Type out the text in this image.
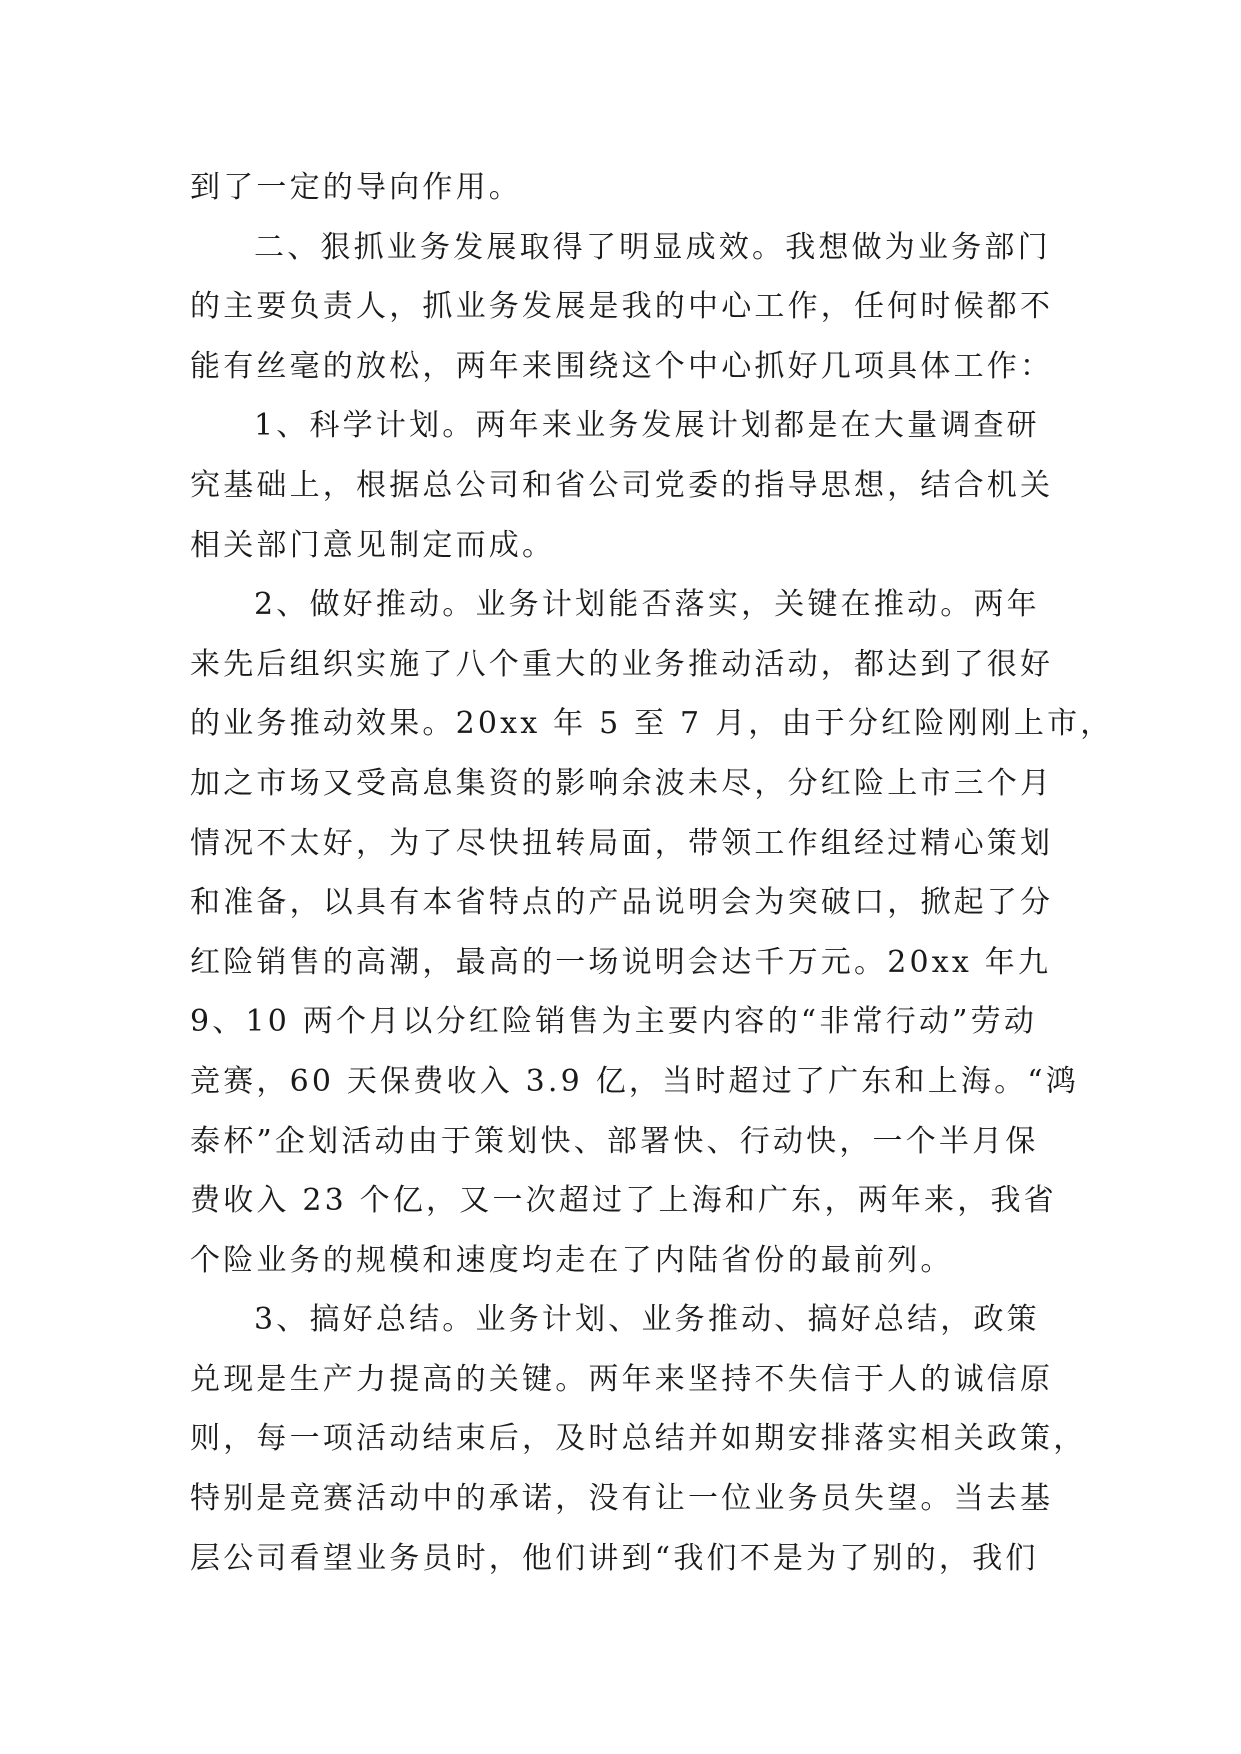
到了一定的导向作用。
二、狠抓业务发展取得了明显成效。我想做为业务部门
的主要负责人，抓业务发展是我的中心工作，任何时候都不
能有丝毫的放松，两年来围绕这个中心抓好几项具体工作：
1、科学计划。两年来业务发展计划都是在大量调查研
究基础上，根据总公司和省公司党委的指导思想，结合机关
相关部门意见制定而成。
2、做好推动。业务计划能否落实，关键在推动。两年
来先后组织实施了八个重大的业务推动活动，都达到了很好
的业务推动效果。20xx 年 5 至 7 月，由于分红险刚刚上市，
加之市场又受高息集资的影响余波未尽，分红险上市三个月
情况不太好，为了尽快扭转局面，带领工作组经过精心策划
和准备，以具有本省特点的产品说明会为突破口，掀起了分
红险销售的高潮，最高的一场说明会达千万元。20xx 年九
9、10 两个月以分红险销售为主要内容的“非常行动”劳动
竞赛，60 天保费收入 3.9 亿，当时超过了广东和上海。“鸿
泰杯”企划活动由于策划快、部署快、行动快，一个半月保
费收入 23 个亿，又一次超过了上海和广东，两年来，我省
个险业务的规模和速度均走在了内陆省份的最前列。
3、搞好总结。业务计划、业务推动、搞好总结，政策
兑现是生产力提高的关键。两年来坚持不失信于人的诚信原
则，每一项活动结束后，及时总结并如期安排落实相关政策，
特别是竞赛活动中的承诺，没有让一位业务员失望。当去基
层公司看望业务员时，他们讲到“我们不是为了别的，我们
